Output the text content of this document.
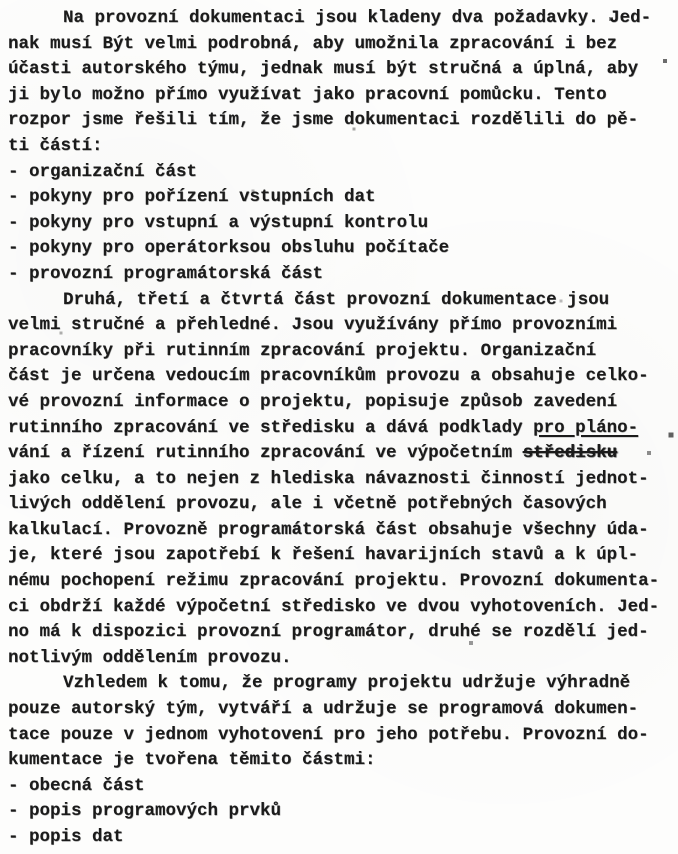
Na provozní dokumentaci jsou kladeny dva požadavky. Jed-
nak musí Být velmi podrobná, aby umožnila zpracování i bez
účasti autorského týmu, jednak musí být stručná a úplná, aby
ji bylo možno přímo využívat jako pracovní pomůcku. Tento
rozpor jsme řešili tím, že jsme dokumentaci rozdělili do pě-
ti částí:
- organizační část
- pokyny pro pořízení vstupních dat
- pokyny pro vstupní a výstupní kontrolu
- pokyny pro operátorksou obsluhu počítače
- provozní programátorská část
Druhá, třetí a čtvrtá část provozní dokumentace jsou
velmi stručné a přehledné. Jsou využívány přímo provozními
pracovníky při rutinním zpracování projektu. Organizační
část je určena vedoucím pracovníkům provozu a obsahuje celko-
vé provozní informace o projektu, popisuje způsob zavedení
rutinního zpracování ve středisku a dává podklady pro pláno-
vání a řízení rutinního zpracování ve výpočetním středisku
jako celku, a to nejen z hlediska návaznosti činností jednot-
livých oddělení provozu, ale i včetně potřebných časových
kalkulací. Provozně programátorská část obsahuje všechny úda-
je, které jsou zapotřebí k řešení havarijních stavů a k úpl-
nému pochopení režimu zpracování projektu. Provozní dokumenta-
ci obdrží každé výpočetní středisko ve dvou vyhotoveních. Jed-
no má k dispozici provozní programátor, druhé se rozdělí jed-
notlivým oddělením provozu.
Vzhledem k tomu, že programy projektu udržuje výhradně
pouze autorský tým, vytváří a udržuje se programová dokumen-
tace pouze v jednom vyhotovení pro jeho potřebu. Provozní do-
kumentace je tvořena těmito částmi:
- obecná část
- popis programových prvků
- popis dat
